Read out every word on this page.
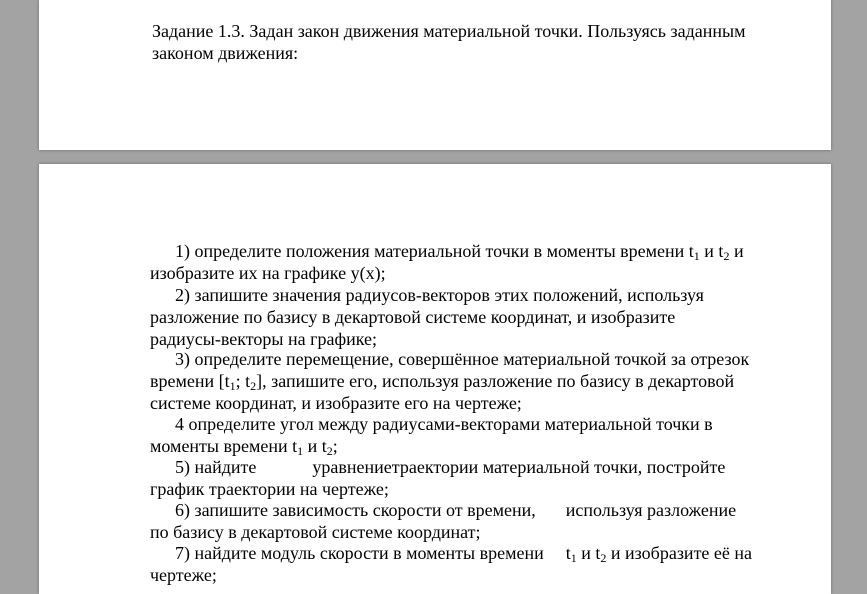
Задание 1.3. Задан закон движения материальной точки. Пользуясь заданным

законом движения:

1) определите положения материальной точки в моменты времени $t_1$ и $t_2$ и

изобразите их на графике y(x);

2) запишите значения радиусов-векторов этих положений, используя

разложение по базису в декартовой системе координат, и изобразите

радиусы-векторы на графике;

3) определите перемещение, совершённое материальной точкой за отрезок

времени [$t_1$; $t_2$], запишите его, используя разложение по базису в декартовой

системе координат, и изобразите его на чертеже;

4 определите угол между радиусами-векторами материальной точки в

моменты времени $t_1$ и $t_2$;

5) найдите	уравнениетраектории материальной точки, постройте

график траектории на чертеже;

6) запишите зависимость скорости от времени, используя разложение

по базису в декартовой системе координат;

7) найдите модуль скорости в моменты времени $t_1$ и $t_2$ и изобразите её на

чертеже;
